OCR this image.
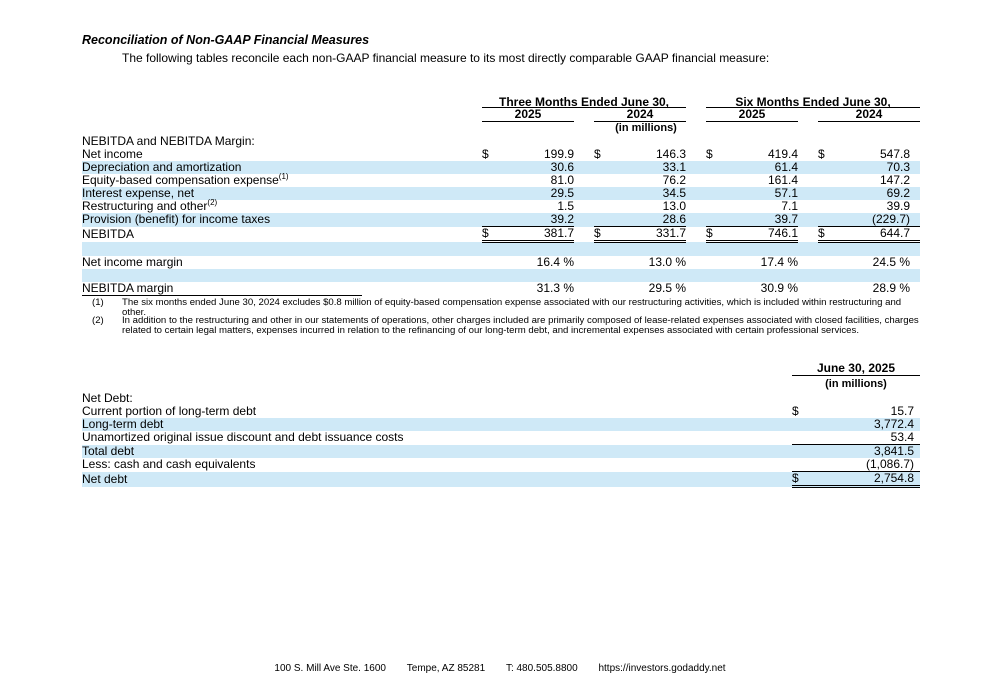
Reconciliation of Non-GAAP Financial Measures
The following tables reconcile each non-GAAP financial measure to its most directly comparable GAAP financial measure:
	Three Months Ended June 30,						Six Months Ended June 30,					
	2025			2024			2025			2024		
	(in millions)											
NEBITDA and NEBITDA Margin:												
Net income	$	199.9		$	146.3		$	419.4		$	547.8	
Depreciation and amortization		30.6			33.1			61.4			70.3	
Equity-based compensation expense$^{(1)}$		81.0			76.2			161.4			147.2	
Interest expense, net		29.5			34.5			57.1			69.2	
Restructuring and other$^{(2)}$		1.5			13.0			7.1			39.9	
Provision (benefit) for income taxes		39.2			28.6			39.7			(229.7)	
NEBITDA	$	381.7		$	331.7		$	746.1		$	644.7	

Net income margin		16.4 %			13.0 %			17.4 %			24.5 %	

NEBITDA margin		31.3 %			29.5 %			30.9 %			28.9 %	
(1) The six months ended June 30, 2024 excludes $0.8 million of equity-based compensation expense associated with our restructuring activities, which is included within restructuring and other.
(2) In addition to the restructuring and other in our statements of operations, other charges included are primarily composed of lease-related expenses associated with closed facilities, charges related to certain legal matters, expenses incurred in relation to the refinancing of our long-term debt, and incremental expenses associated with certain professional services.
	June 30, 2025	
	(in millions)	
Net Debt:		
Current portion of long-term debt	$	15.7
Long-term debt		3,772.4
Unamortized original issue discount and debt issuance costs		53.4
Total debt		3,841.5
Less: cash and cash equivalents		(1,086.7)
Net debt	$	2,754.8
100 S. Mill Ave Ste. 1600 Tempe, AZ 85281 T: 480.505.8800 https://investors.godaddy.net
